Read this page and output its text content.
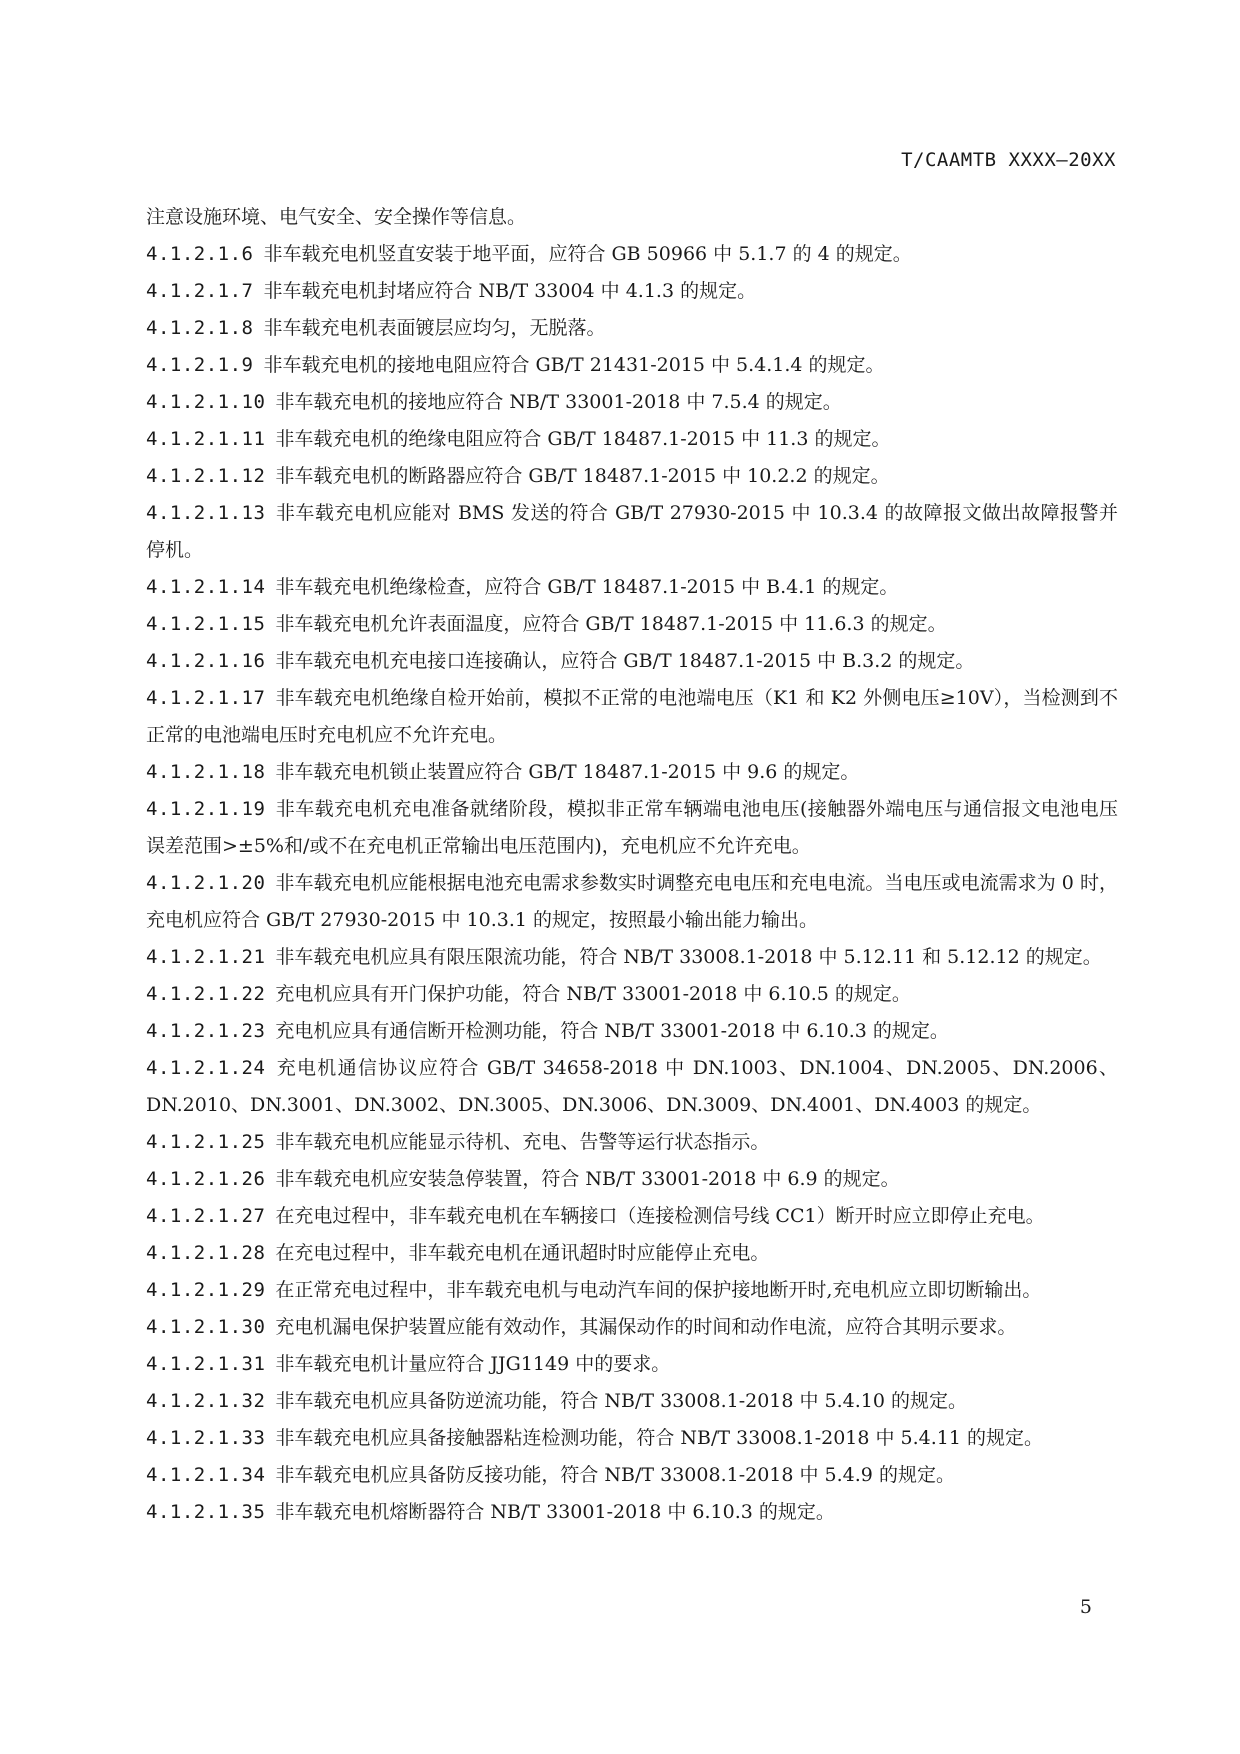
T/CAAMTB XXXX—20XX

注意设施环境、电气安全、安全操作等信息。

4.1.2.1.6 非车载充电机竖直安装于地平面，应符合 GB 50966 中 5.1.7 的 4 的规定。

4.1.2.1.7 非车载充电机封堵应符合 NB/T 33004 中 4.1.3 的规定。

4.1.2.1.8 非车载充电机表面镀层应均匀，无脱落。

4.1.2.1.9 非车载充电机的接地电阻应符合 GB/T 21431-2015 中 5.4.1.4 的规定。

4.1.2.1.10 非车载充电机的接地应符合 NB/T 33001-2018 中 7.5.4 的规定。

4.1.2.1.11 非车载充电机的绝缘电阻应符合 GB/T 18487.1-2015 中 11.3 的规定。

4.1.2.1.12 非车载充电机的断路器应符合 GB/T 18487.1-2015 中 10.2.2 的规定。

4.1.2.1.13 非车载充电机应能对 BMS 发送的符合 GB/T 27930-2015 中 10.3.4 的故障报文做出故障报警并停机。

4.1.2.1.14 非车载充电机绝缘检查，应符合 GB/T 18487.1-2015 中 B.4.1 的规定。

4.1.2.1.15 非车载充电机允许表面温度，应符合 GB/T 18487.1-2015 中 11.6.3 的规定。

4.1.2.1.16 非车载充电机充电接口连接确认，应符合 GB/T 18487.1-2015 中 B.3.2 的规定。

4.1.2.1.17 非车载充电机绝缘自检开始前，模拟不正常的电池端电压（K1 和 K2 外侧电压≥10V），当检测到不正常的电池端电压时充电机应不允许充电。

4.1.2.1.18 非车载充电机锁止装置应符合 GB/T 18487.1-2015 中 9.6 的规定。

4.1.2.1.19 非车载充电机充电准备就绪阶段，模拟非正常车辆端电池电压(接触器外端电压与通信报文电池电压误差范围>±5%和/或不在充电机正常输出电压范围内)，充电机应不允许充电。

4.1.2.1.20 非车载充电机应能根据电池充电需求参数实时调整充电电压和充电电流。当电压或电流需求为 0 时，充电机应符合 GB/T 27930-2015 中 10.3.1 的规定，按照最小输出能力输出。

4.1.2.1.21 非车载充电机应具有限压限流功能，符合 NB/T 33008.1-2018 中 5.12.11 和 5.12.12 的规定。

4.1.2.1.22 充电机应具有开门保护功能，符合 NB/T 33001-2018 中 6.10.5 的规定。

4.1.2.1.23 充电机应具有通信断开检测功能，符合 NB/T 33001-2018 中 6.10.3 的规定。

4.1.2.1.24 充电机通信协议应符合 GB/T 34658-2018 中 DN.1003、DN.1004、DN.2005、DN.2006、DN.2010、DN.3001、DN.3002、DN.3005、DN.3006、DN.3009、DN.4001、DN.4003 的规定。

4.1.2.1.25 非车载充电机应能显示待机、充电、告警等运行状态指示。

4.1.2.1.26 非车载充电机应安装急停装置，符合 NB/T 33001-2018 中 6.9 的规定。

4.1.2.1.27 在充电过程中，非车载充电机在车辆接口（连接检测信号线 CC1）断开时应立即停止充电。

4.1.2.1.28 在充电过程中，非车载充电机在通讯超时时应能停止充电。

4.1.2.1.29 在正常充电过程中，非车载充电机与电动汽车间的保护接地断开时,充电机应立即切断输出。

4.1.2.1.30 充电机漏电保护装置应能有效动作，其漏保动作的时间和动作电流，应符合其明示要求。

4.1.2.1.31 非车载充电机计量应符合 JJG1149 中的要求。

4.1.2.1.32 非车载充电机应具备防逆流功能，符合 NB/T 33008.1-2018 中 5.4.10 的规定。

4.1.2.1.33 非车载充电机应具备接触器粘连检测功能，符合 NB/T 33008.1-2018 中 5.4.11 的规定。

4.1.2.1.34 非车载充电机应具备防反接功能，符合 NB/T 33008.1-2018 中 5.4.9 的规定。

4.1.2.1.35 非车载充电机熔断器符合 NB/T 33001-2018 中 6.10.3 的规定。

5
